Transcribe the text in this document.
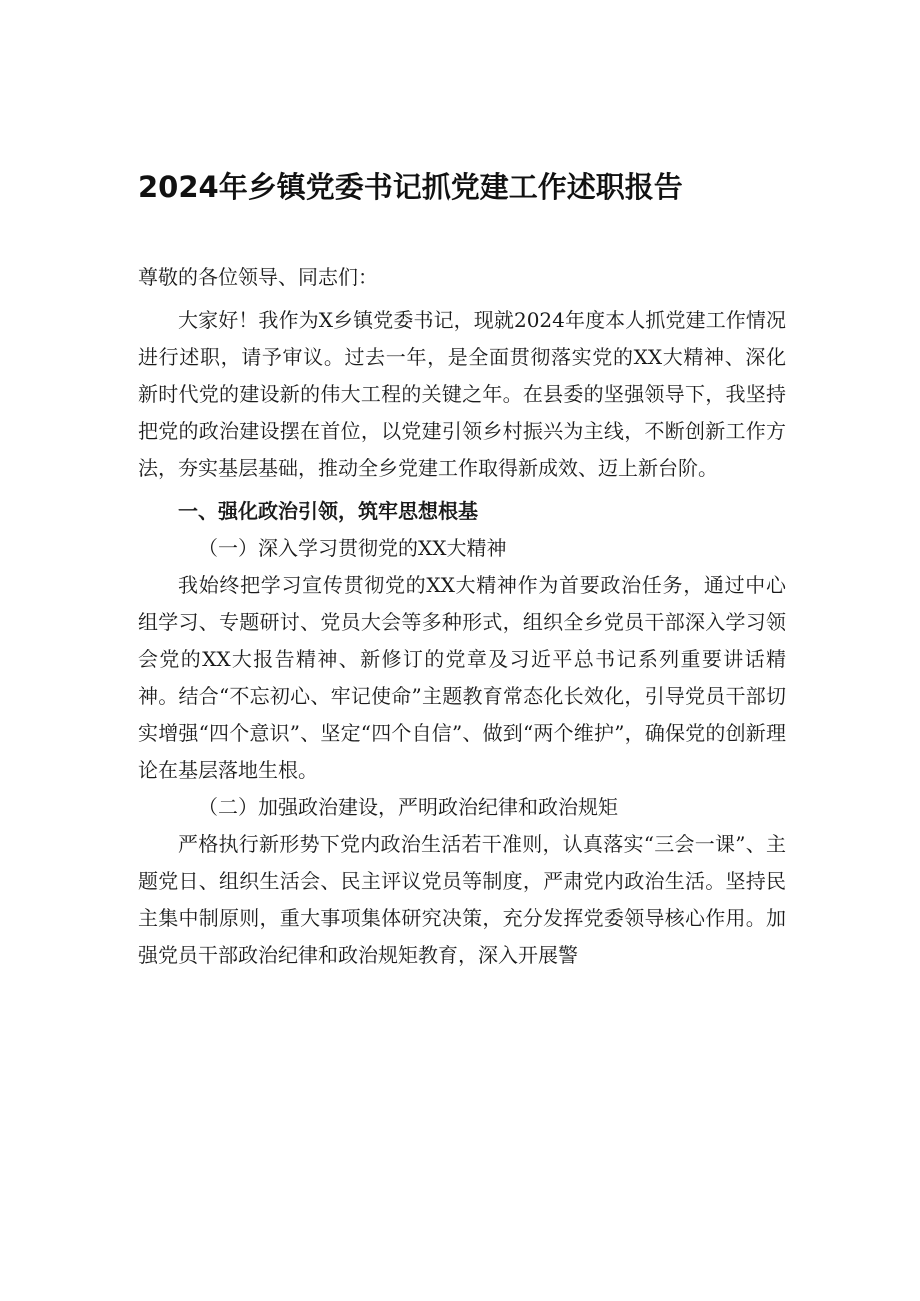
2024年乡镇党委书记抓党建工作述职报告

尊敬的各位领导、同志们：

大家好！我作为X乡镇党委书记，现就2024年度本人抓党建工作情况进行述职，请予审议。过去一年，是全面贯彻落实党的XX大精神、深化新时代党的建设新的伟大工程的关键之年。在县委的坚强领导下，我坚持把党的政治建设摆在首位，以党建引领乡村振兴为主线，不断创新工作方法，夯实基层基础，推动全乡党建工作取得新成效、迈上新台阶。

一、强化政治引领，筑牢思想根基

（一）深入学习贯彻党的XX大精神

我始终把学习宣传贯彻党的XX大精神作为首要政治任务，通过中心组学习、专题研讨、党员大会等多种形式，组织全乡党员干部深入学习领会党的XX大报告精神、新修订的党章及习近平总书记系列重要讲话精神。结合“不忘初心、牢记使命”主题教育常态化长效化，引导党员干部切实增强“四个意识”、坚定“四个自信”、做到“两个维护”，确保党的创新理论在基层落地生根。

（二）加强政治建设，严明政治纪律和政治规矩

严格执行新形势下党内政治生活若干准则，认真落实“三会一课”、主题党日、组织生活会、民主评议党员等制度，严肃党内政治生活。坚持民主集中制原则，重大事项集体研究决策，充分发挥党委领导核心作用。加强党员干部政治纪律和政治规矩教育，深入开展警
